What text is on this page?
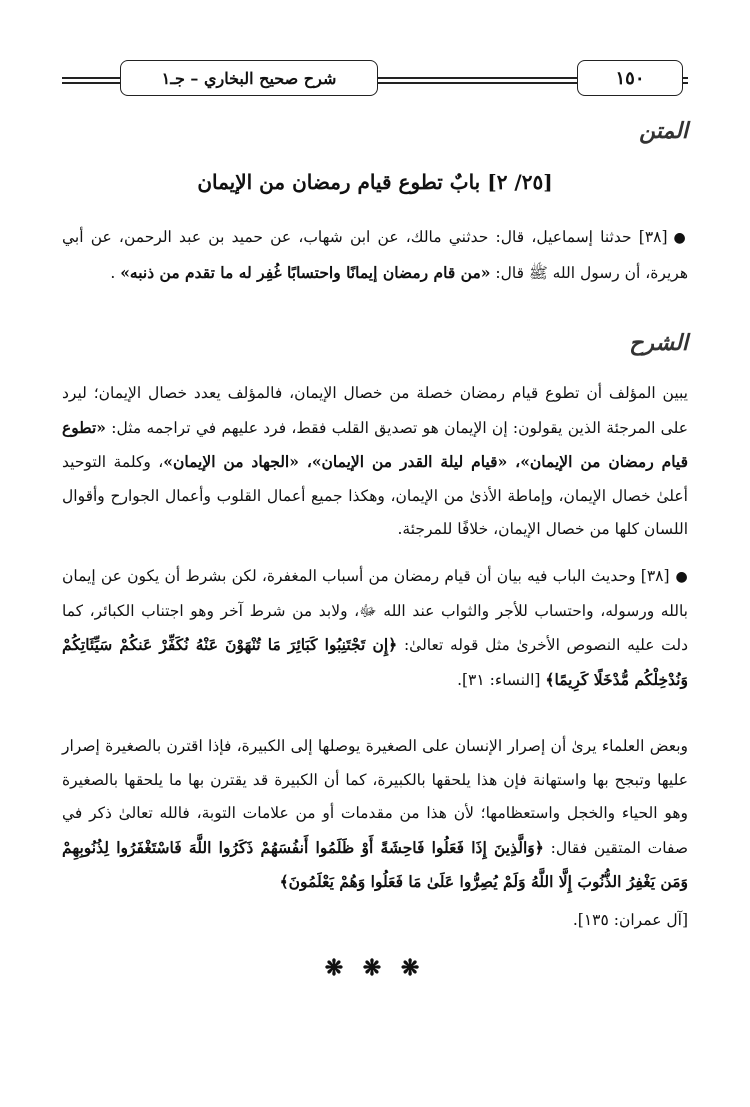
شرح صحيح البخاري – جـ١	١٥٠
المتن
[٢٥/ ٢] بابٌ تطوع قيام رمضان من الإيمان
●[٣٨] حدثنا إسماعيل، قال: حدثني مالك، عن ابن شهاب، عن حميد بن عبد الرحمن، عن أبي هريرة، أن رسول الله ﷺ قال: «من قام رمضان إيمانًا واحتسابًا غُفِر له ما تقدم من ذنبه» .
الشرح
يبين المؤلف أن تطوع قيام رمضان خصلة من خصال الإيمان، فالمؤلف يعدد خصال الإيمان؛ ليرد على المرجئة الذين يقولون: إن الإيمان هو تصديق القلب فقط، فرد عليهم في تراجمه مثل: «تطوع قيام رمضان من الإيمان»، «قيام ليلة القدر من الإيمان»، «الجهاد من الإيمان»، وكلمة التوحيد أعلىٰ خصال الإيمان، وإماطة الأذىٰ من الإيمان، وهكذا جميع أعمال القلوب وأعمال الجوارح وأقوال اللسان كلها من خصال الإيمان، خلافًا للمرجئة.
●[٣٨] وحديث الباب فيه بيان أن قيام رمضان من أسباب المغفرة، لكن بشرط أن يكون عن إيمان بالله ورسوله، واحتساب للأجر والثواب عند الله ﷻ، ولابد من شرط آخر وهو اجتناب الكبائر، كما دلت عليه النصوص الأخرىٰ مثل قوله تعالىٰ: ﴿إِن تَجْتَنِبُوا كَبَائِرَ مَا تُنْهَوْنَ عَنْهُ نُكَفِّرْ عَنكُمْ سَيِّئَاتِكُمْ وَنُدْخِلْكُم مُّدْخَلًا كَرِيمًا﴾ [النساء: ٣١].
وبعض العلماء يرىٰ أن إصرار الإنسان على الصغيرة يوصلها إلى الكبيرة، فإذا اقترن بالصغيرة إصرار عليها وتبجح بها واستهانة فإن هذا يلحقها بالكبيرة، كما أن الكبيرة قد يقترن بها ما يلحقها بالصغيرة وهو الحياء والخجل واستعظامها؛ لأن هذا من مقدمات أو من علامات التوبة، فالله تعالىٰ ذكر في صفات المتقين فقال: ﴿وَالَّذِينَ إِذَا فَعَلُوا فَاحِشَةً أَوْ ظَلَمُوا أَنفُسَهُمْ ذَكَرُوا اللَّهَ فَاسْتَغْفَرُوا لِذُنُوبِهِمْ وَمَن يَغْفِرُ الذُّنُوبَ إِلَّا اللَّهُ وَلَمْ يُصِرُّوا عَلَىٰ مَا فَعَلُوا وَهُمْ يَعْلَمُونَ﴾
[آل عمران: ١٣٥].
❋ ❋ ❋
